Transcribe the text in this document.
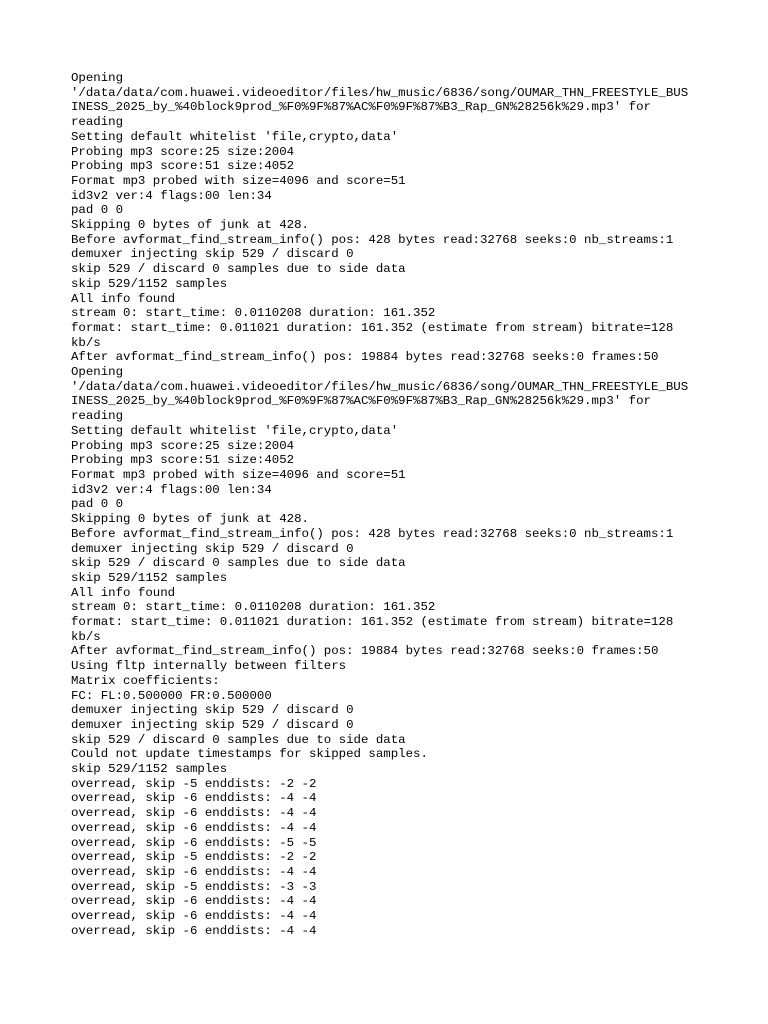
Opening
'/data/data/com.huawei.videoeditor/files/hw_music/6836/song/OUMAR_THN_FREESTYLE_BUS
INESS_2025_by_%40block9prod_%F0%9F%87%AC%F0%9F%87%B3_Rap_GN%28256k%29.mp3' for
reading
Setting default whitelist 'file,crypto,data'
Probing mp3 score:25 size:2004
Probing mp3 score:51 size:4052
Format mp3 probed with size=4096 and score=51
id3v2 ver:4 flags:00 len:34
pad 0 0
Skipping 0 bytes of junk at 428.
Before avformat_find_stream_info() pos: 428 bytes read:32768 seeks:0 nb_streams:1
demuxer injecting skip 529 / discard 0
skip 529 / discard 0 samples due to side data
skip 529/1152 samples
All info found
stream 0: start_time: 0.0110208 duration: 161.352
format: start_time: 0.011021 duration: 161.352 (estimate from stream) bitrate=128
kb/s
After avformat_find_stream_info() pos: 19884 bytes read:32768 seeks:0 frames:50
Opening
'/data/data/com.huawei.videoeditor/files/hw_music/6836/song/OUMAR_THN_FREESTYLE_BUS
INESS_2025_by_%40block9prod_%F0%9F%87%AC%F0%9F%87%B3_Rap_GN%28256k%29.mp3' for
reading
Setting default whitelist 'file,crypto,data'
Probing mp3 score:25 size:2004
Probing mp3 score:51 size:4052
Format mp3 probed with size=4096 and score=51
id3v2 ver:4 flags:00 len:34
pad 0 0
Skipping 0 bytes of junk at 428.
Before avformat_find_stream_info() pos: 428 bytes read:32768 seeks:0 nb_streams:1
demuxer injecting skip 529 / discard 0
skip 529 / discard 0 samples due to side data
skip 529/1152 samples
All info found
stream 0: start_time: 0.0110208 duration: 161.352
format: start_time: 0.011021 duration: 161.352 (estimate from stream) bitrate=128
kb/s
After avformat_find_stream_info() pos: 19884 bytes read:32768 seeks:0 frames:50
Using fltp internally between filters
Matrix coefficients:
FC: FL:0.500000 FR:0.500000
demuxer injecting skip 529 / discard 0
demuxer injecting skip 529 / discard 0
skip 529 / discard 0 samples due to side data
Could not update timestamps for skipped samples.
skip 529/1152 samples
overread, skip -5 enddists: -2 -2
overread, skip -6 enddists: -4 -4
overread, skip -6 enddists: -4 -4
overread, skip -6 enddists: -4 -4
overread, skip -6 enddists: -5 -5
overread, skip -5 enddists: -2 -2
overread, skip -6 enddists: -4 -4
overread, skip -5 enddists: -3 -3
overread, skip -6 enddists: -4 -4
overread, skip -6 enddists: -4 -4
overread, skip -6 enddists: -4 -4
